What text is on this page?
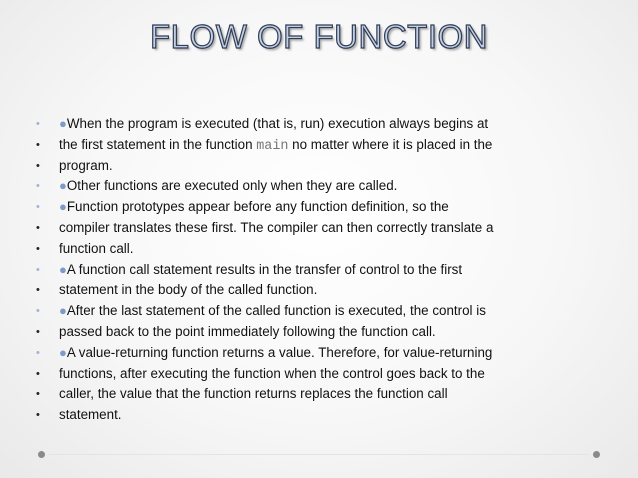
FLOW OF FUNCTION
•	●When the program is executed (that is, run) execution always begins at
•	the first statement in the function main no matter where it is placed in the
•	program.
•	●Other functions are executed only when they are called.
•	●Function prototypes appear before any function definition, so the
•	compiler translates these first. The compiler can then correctly translate a
•	function call.
•	●A function call statement results in the transfer of control to the first
•	statement in the body of the called function.
•	●After the last statement of the called function is executed, the control is
•	passed back to the point immediately following the function call.
•	●A value-returning function returns a value. Therefore, for value-returning
•	functions, after executing the function when the control goes back to the
•	caller, the value that the function returns replaces the function call
•	statement.
